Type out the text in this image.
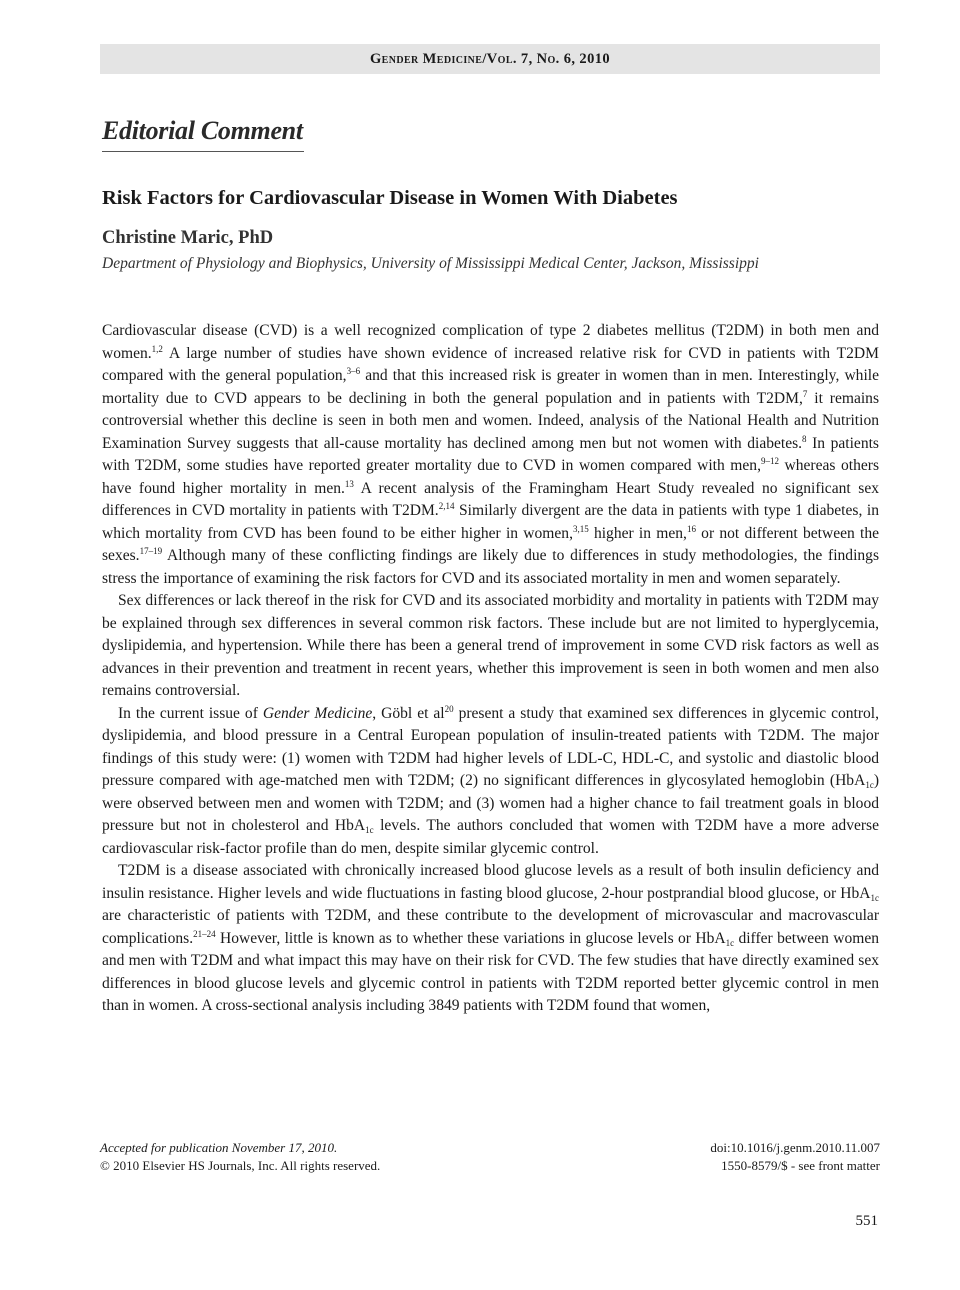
Gender Medicine/Vol. 7, No. 6, 2010
Editorial Comment
Risk Factors for Cardiovascular Disease in Women With Diabetes
Christine Maric, PhD
Department of Physiology and Biophysics, University of Mississippi Medical Center, Jackson, Mississippi

Cardiovascular disease (CVD) is a well recognized complication of type 2 diabetes mellitus (T2DM) in both men and women.$^{1,2}$ A large number of studies have shown evidence of increased relative risk for CVD in patients with T2DM compared with the general population,$^{3-6}$ and that this increased risk is greater in women than in men. Interestingly, while mortality due to CVD appears to be declining in both the general population and in patients with T2DM,$^7$ it remains controversial whether this decline is seen in both men and women. Indeed, analysis of the National Health and Nutrition Examination Survey suggests that all-cause mortality has declined among men but not women with diabetes.$^8$ In patients with T2DM, some studies have reported greater mortality due to CVD in women compared with men,$^{9-12}$ whereas others have found higher mortality in men.$^{13}$ A recent analysis of the Framingham Heart Study revealed no significant sex differences in CVD mortality in patients with T2DM.$^{2,14}$ Similarly divergent are the data in patients with type 1 diabetes, in which mortality from CVD has been found to be either higher in women,$^{3,15}$ higher in men,$^{16}$ or not different between the sexes.$^{17-19}$ Although many of these conflicting findings are likely due to differences in study methodologies, the findings stress the importance of examining the risk factors for CVD and its associated mortality in men and women separately.

Sex differences or lack thereof in the risk for CVD and its associated morbidity and mortality in patients with T2DM may be explained through sex differences in several common risk factors. These include but are not limited to hyperglycemia, dyslipidemia, and hypertension. While there has been a general trend of improvement in some CVD risk factors as well as advances in their prevention and treatment in recent years, whether this improvement is seen in both women and men also remains controversial.

In the current issue of Gender Medicine, Göbl et $al^{20}$ present a study that examined sex differences in glycemic control, dyslipidemia, and blood pressure in a Central European population of insulin-treated patients with T2DM. The major findings of this study were: (1) women with T2DM had higher levels of LDL-C, HDL-C, and systolic and diastolic blood pressure compared with age-matched men with T2DM; (2) no significant differences in glycosylated hemoglobin (HbA$_{1c}$) were observed between men and women with T2DM; and (3) women had a higher chance to fail treatment goals in blood pressure but not in cholesterol and HbA$_{1c}$ levels. The authors concluded that women with T2DM have a more adverse cardiovascular risk-factor profile than do men, despite similar glycemic control.

T2DM is a disease associated with chronically increased blood glucose levels as a result of both insulin deficiency and insulin resistance. Higher levels and wide fluctuations in fasting blood glucose, 2-hour postprandial blood glucose, or HbA$_{1c}$ are characteristic of patients with T2DM, and these contribute to the development of microvascular and macrovascular complications.$^{21-24}$ However, little is known as to whether these variations in glucose levels or HbA$_{1c}$ differ between women and men with T2DM and what impact this may have on their risk for CVD. The few studies that have directly examined sex differences in blood glucose levels and glycemic control in patients with T2DM reported better glycemic control in men than in women. A cross-sectional analysis including 3849 patients with T2DM found that women,

Accepted for publication November 17, 2010.
© 2010 Elsevier HS Journals, Inc. All rights reserved.
doi:10.1016/j.genm.2010.11.007
1550-8579/$ - see front matter
551
